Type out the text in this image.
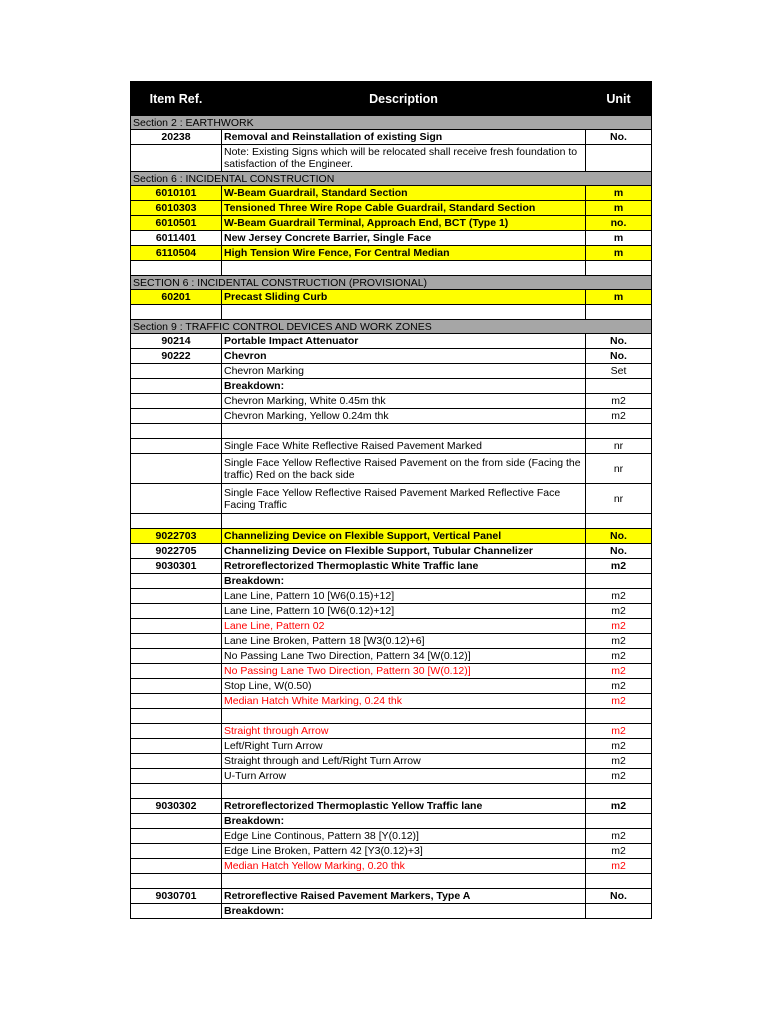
Item Ref.	Description	Unit
Section 2 : EARTHWORK		
20238	Removal and Reinstallation of existing Sign	No.
	Note: Existing Signs which will be relocated shall receive fresh foundation to satisfaction of the Engineer.	
Section 6 : INCIDENTAL CONSTRUCTION		
6010101	W-Beam Guardrail, Standard Section	m
6010303	Tensioned Three Wire Rope Cable Guardrail, Standard Section	m
6010501	W-Beam Guardrail Terminal, Approach End, BCT (Type 1)	no.
6011401	New Jersey Concrete Barrier, Single Face	m
6110504	High Tension Wire Fence, For Central Median	m

SECTION 6 : INCIDENTAL CONSTRUCTION (PROVISIONAL)		
60201	Precast Sliding Curb	m

Section 9 : TRAFFIC CONTROL DEVICES AND WORK ZONES		
90214	Portable Impact Attenuator	No.
90222	Chevron	No.
	Chevron Marking	Set
	Breakdown:	
	Chevron Marking, White 0.45m thk	m2
	Chevron Marking, Yellow 0.24m thk	m2

	Single Face White Reflective Raised Pavement Marked	nr
	Single Face Yellow Reflective Raised Pavement on the from side (Facing the traffic) Red on the back side	nr
	Single Face Yellow Reflective Raised Pavement Marked Reflective Face Facing Traffic	nr

9022703	Channelizing Device on Flexible Support, Vertical Panel	No.
9022705	Channelizing Device on Flexible Support, Tubular Channelizer	No.
9030301	Retroreflectorized Thermoplastic White Traffic lane	m2
	Breakdown:	
	Lane Line, Pattern 10 [W6(0.15)+12]	m2
	Lane Line, Pattern 10 [W6(0.12)+12]	m2
	Lane Line, Pattern 02	m2
	Lane Line Broken, Pattern 18 [W3(0.12)+6]	m2
	No Passing Lane Two Direction, Pattern 34 [W(0.12)]	m2
	No Passing Lane Two Direction, Pattern 30 [W(0.12)]	m2
	Stop Line, W(0.50)	m2
	Median Hatch White Marking, 0.24 thk	m2

	Straight through Arrow	m2
	Left/Right Turn Arrow	m2
	Straight through and Left/Right Turn Arrow	m2
	U-Turn Arrow	m2

9030302	Retroreflectorized Thermoplastic Yellow Traffic lane	m2
	Breakdown:	
	Edge Line Continous, Pattern 38 [Y(0.12)]	m2
	Edge Line Broken, Pattern 42 [Y3(0.12)+3]	m2
	Median Hatch Yellow Marking, 0.20 thk	m2

9030701	Retroreflective Raised Pavement Markers, Type A	No.
	Breakdown:	
